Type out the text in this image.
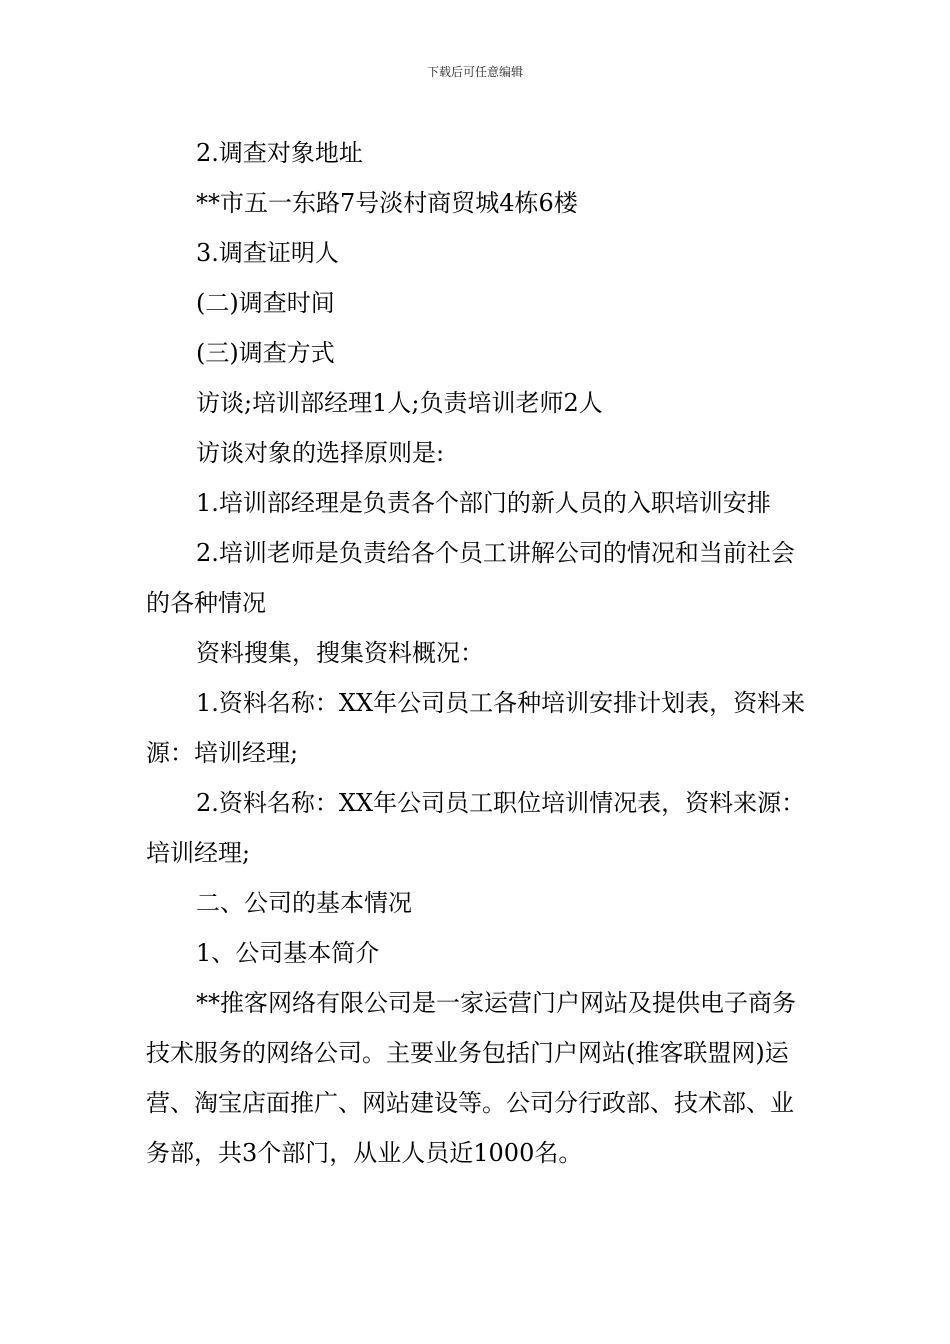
下载后可任意编辑

2.调查对象地址

**市五一东路7号淡村商贸城4栋6楼

3.调查证明人

(二)调查时间

(三)调查方式

访谈;培训部经理1人;负责培训老师2人

访谈对象的选择原则是:

1.培训部经理是负责各个部门的新人员的入职培训安排

2.培训老师是负责给各个员工讲解公司的情况和当前社会的各种情况

资料搜集，搜集资料概况：

1.资料名称：XX年公司员工各种培训安排计划表，资料来源：培训经理;

2.资料名称：XX年公司员工职位培训情况表，资料来源：培训经理;

二、公司的基本情况

1、公司基本简介

**推客网络有限公司是一家运营门户网站及提供电子商务技术服务的网络公司。主要业务包括门户网站(推客联盟网)运营、淘宝店面推广、网站建设等。公司分行政部、技术部、业务部，共3个部门，从业人员近1000名。
